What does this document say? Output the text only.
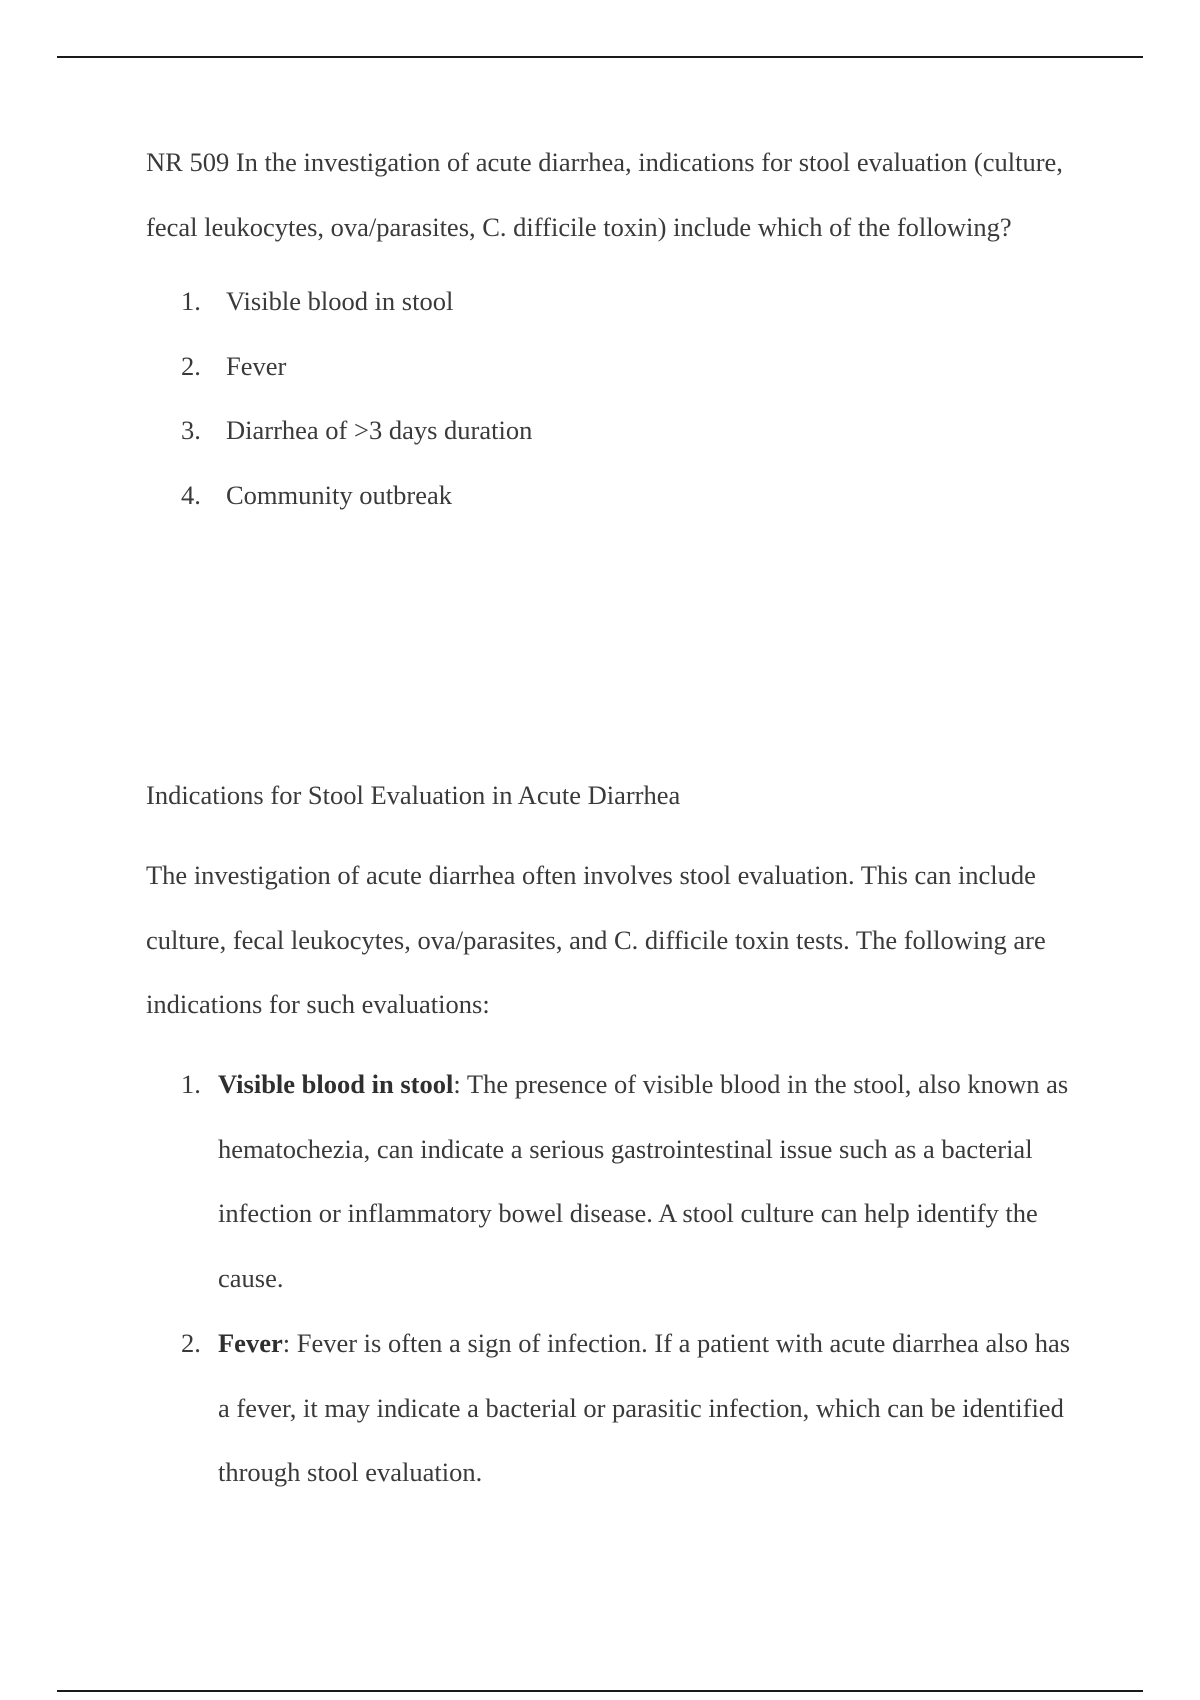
NR 509 In the investigation of acute diarrhea, indications for stool evaluation (culture, fecal leukocytes, ova/parasites, C. difficile toxin) include which of the following?

1. Visible blood in stool
2. Fever
3. Diarrhea of >3 days duration
4. Community outbreak
Indications for Stool Evaluation in Acute Diarrhea

The investigation of acute diarrhea often involves stool evaluation. This can include culture, fecal leukocytes, ova/parasites, and C. difficile toxin tests. The following are indications for such evaluations:

1. Visible blood in stool: The presence of visible blood in the stool, also known as hematochezia, can indicate a serious gastrointestinal issue such as a bacterial infection or inflammatory bowel disease. A stool culture can help identify the cause.
2. Fever: Fever is often a sign of infection. If a patient with acute diarrhea also has a fever, it may indicate a bacterial or parasitic infection, which can be identified through stool evaluation.
